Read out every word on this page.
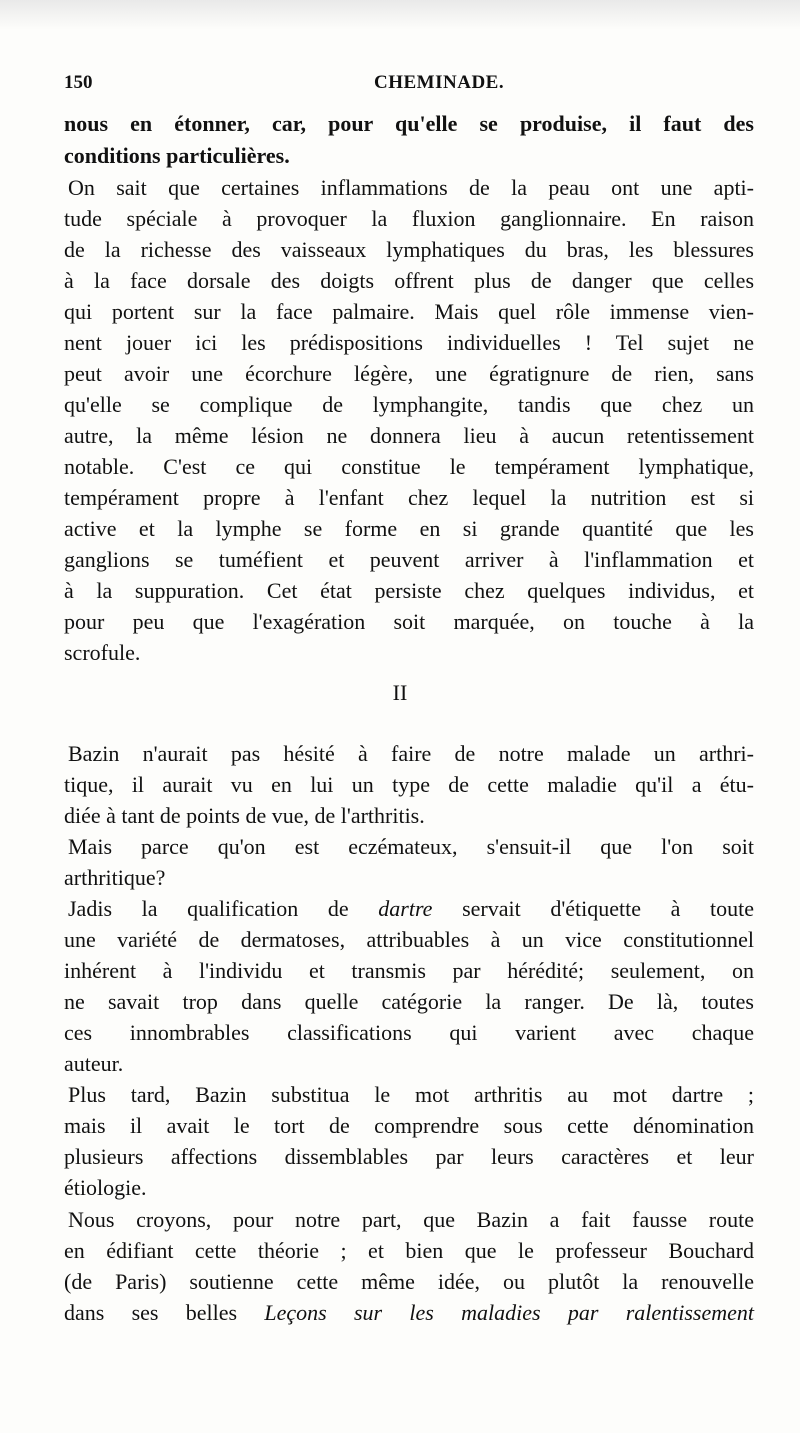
150	CHEMINADE.
nous en étonner, car, pour qu'elle se produise, il faut des
conditions particulières.
On sait que certaines inflammations de la peau ont une apti-
tude spéciale à provoquer la fluxion ganglionnaire. En raison
de la richesse des vaisseaux lymphatiques du bras, les blessures
à la face dorsale des doigts offrent plus de danger que celles
qui portent sur la face palmaire. Mais quel rôle immense vien-
nent jouer ici les prédispositions individuelles ! Tel sujet ne
peut avoir une écorchure légère, une égratignure de rien, sans
qu'elle se complique de lymphangite, tandis que chez un
autre, la même lésion ne donnera lieu à aucun retentissement
notable. C'est ce qui constitue le tempérament lymphatique,
tempérament propre à l'enfant chez lequel la nutrition est si
active et la lymphe se forme en si grande quantité que les
ganglions se tuméfient et peuvent arriver à l'inflammation et
à la suppuration. Cet état persiste chez quelques individus, et
pour peu que l'exagération soit marquée, on touche à la
scrofule.
II
Bazin n'aurait pas hésité à faire de notre malade un arthri-
tique, il aurait vu en lui un type de cette maladie qu'il a étu-
diée à tant de points de vue, de l'arthritis.
Mais parce qu'on est eczémateux, s'ensuit-il que l'on soit
arthritique?
Jadis la qualification de dartre servait d'étiquette à toute
une variété de dermatoses, attribuables à un vice constitutionnel
inhérent à l'individu et transmis par hérédité; seulement, on
ne savait trop dans quelle catégorie la ranger. De là, toutes
ces innombrables classifications qui varient avec chaque
auteur.
Plus tard, Bazin substitua le mot arthritis au mot dartre ;
mais il avait le tort de comprendre sous cette dénomination
plusieurs affections dissemblables par leurs caractères et leur
étiologie.
Nous croyons, pour notre part, que Bazin a fait fausse route
en édifiant cette théorie ; et bien que le professeur Bouchard
(de Paris) soutienne cette même idée, ou plutôt la renouvelle
dans ses belles Leçons sur les maladies par ralentissement
